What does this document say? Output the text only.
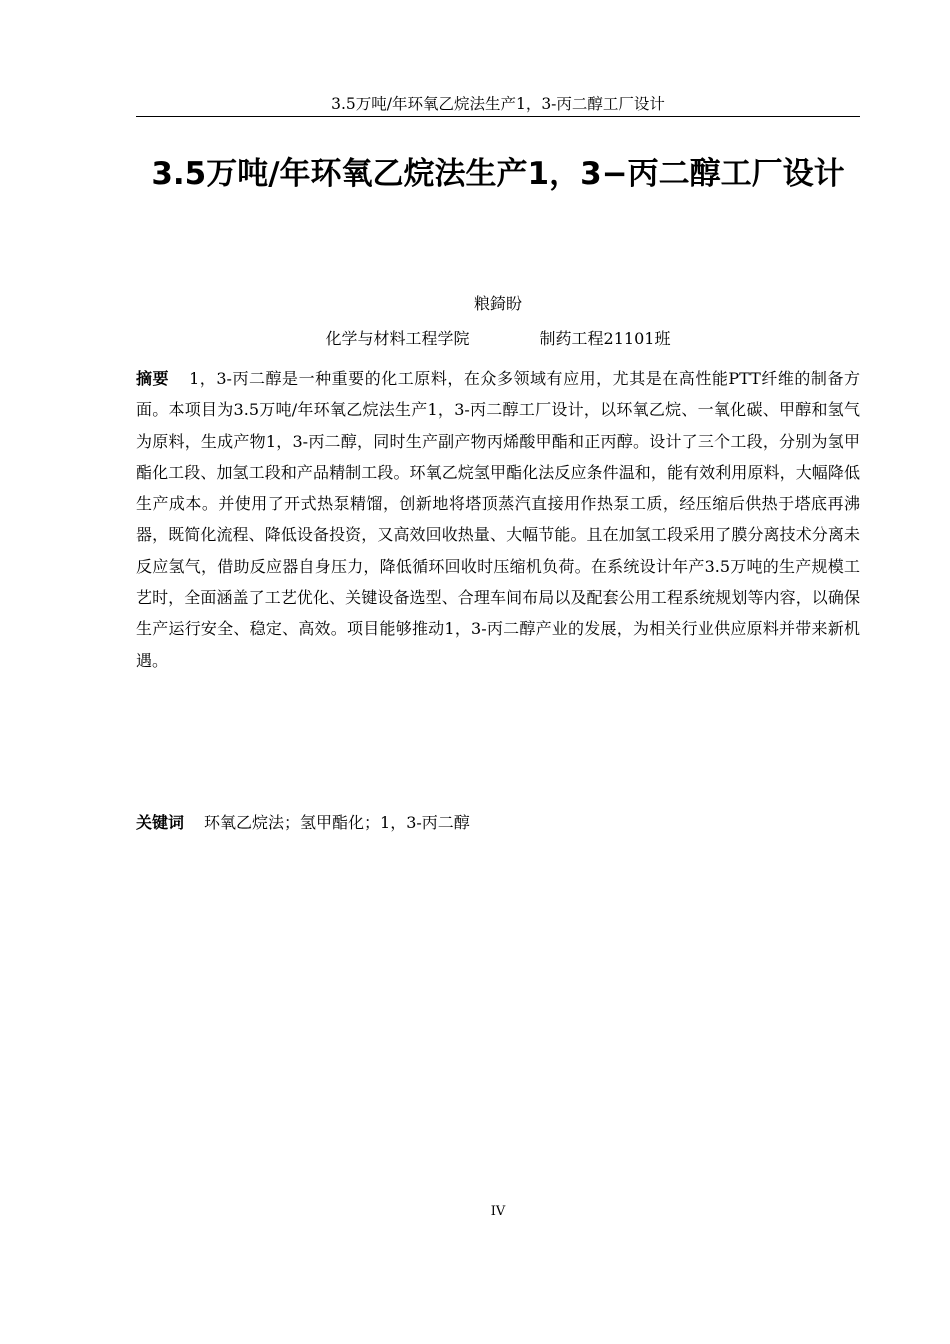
3.5万吨/年环氧乙烷法生产1，3-丙二醇工厂设计
3.5万吨/年环氧乙烷法生产1，3−丙二醇工厂设计
粮錡盼
化学与材料工程学院	制药工程21101班

摘要 1，3-丙二醇是一种重要的化工原料，在众多领域有应用，尤其是在高性能PTT纤维的制备方面。本项目为3.5万吨/年环氧乙烷法生产1，3-丙二醇工厂设计，以环氧乙烷、一氧化碳、甲醇和氢气为原料，生成产物1，3-丙二醇，同时生产副产物丙烯酸甲酯和正丙醇。设计了三个工段，分别为氢甲酯化工段、加氢工段和产品精制工段。环氧乙烷氢甲酯化法反应条件温和，能有效利用原料，大幅降低生产成本。并使用了开式热泵精馏，创新地将塔顶蒸汽直接用作热泵工质，经压缩后供热于塔底再沸器，既简化流程、降低设备投资，又高效回收热量、大幅节能。且在加氢工段采用了膜分离技术分离未反应氢气，借助反应器自身压力，降低循环回收时压缩机负荷。在系统设计年产3.5万吨的生产规模工艺时，全面涵盖了工艺优化、关键设备选型、合理车间布局以及配套公用工程系统规划等内容，以确保生产运行安全、稳定、高效。项目能够推动1，3-丙二醇产业的发展，为相关行业供应原料并带来新机遇。

关键词 环氧乙烷法；氢甲酯化；1，3-丙二醇

IV
